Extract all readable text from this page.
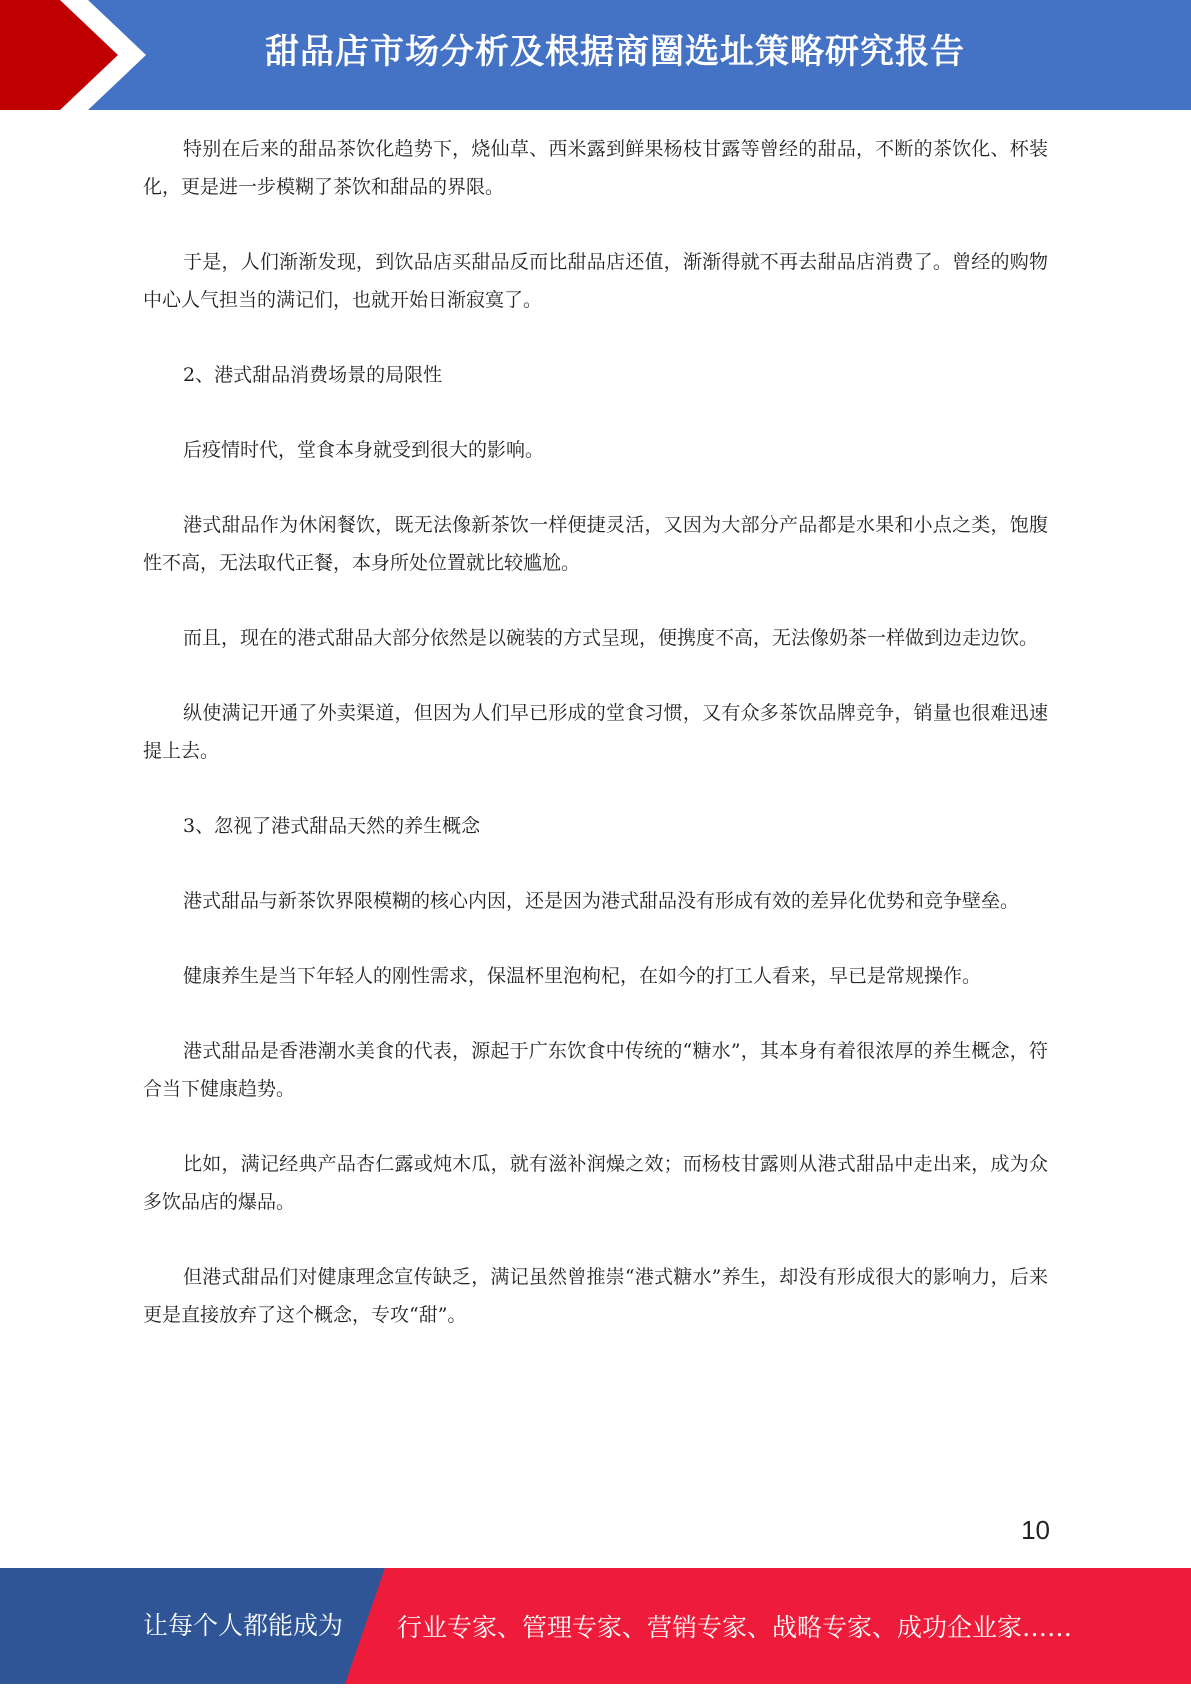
甜品店市场分析及根据商圈选址策略研究报告

特别在后来的甜品茶饮化趋势下，烧仙草、西米露到鲜果杨枝甘露等曾经的甜品，不断的茶饮化、杯装化，更是进一步模糊了茶饮和甜品的界限。

于是，人们渐渐发现，到饮品店买甜品反而比甜品店还值，渐渐得就不再去甜品店消费了。曾经的购物中心人气担当的满记们，也就开始日渐寂寞了。

2、港式甜品消费场景的局限性

后疫情时代，堂食本身就受到很大的影响。

港式甜品作为休闲餐饮，既无法像新茶饮一样便捷灵活，又因为大部分产品都是水果和小点之类，饱腹性不高，无法取代正餐，本身所处位置就比较尴尬。

而且，现在的港式甜品大部分依然是以碗装的方式呈现，便携度不高，无法像奶茶一样做到边走边饮。

纵使满记开通了外卖渠道，但因为人们早已形成的堂食习惯，又有众多茶饮品牌竞争，销量也很难迅速提上去。

3、忽视了港式甜品天然的养生概念

港式甜品与新茶饮界限模糊的核心内因，还是因为港式甜品没有形成有效的差异化优势和竞争壁垒。

健康养生是当下年轻人的刚性需求，保温杯里泡枸杞，在如今的打工人看来，早已是常规操作。

港式甜品是香港潮水美食的代表，源起于广东饮食中传统的“糖水”，其本身有着很浓厚的养生概念，符合当下健康趋势。

比如，满记经典产品杏仁露或炖木瓜，就有滋补润燥之效；而杨枝甘露则从港式甜品中走出来，成为众多饮品店的爆品。

但港式甜品们对健康理念宣传缺乏，满记虽然曾推崇“港式糖水”养生，却没有形成很大的影响力，后来更是直接放弃了这个概念，专攻“甜”。

10
让每个人都能成为 行业专家、管理专家、营销专家、战略专家、成功企业家……
